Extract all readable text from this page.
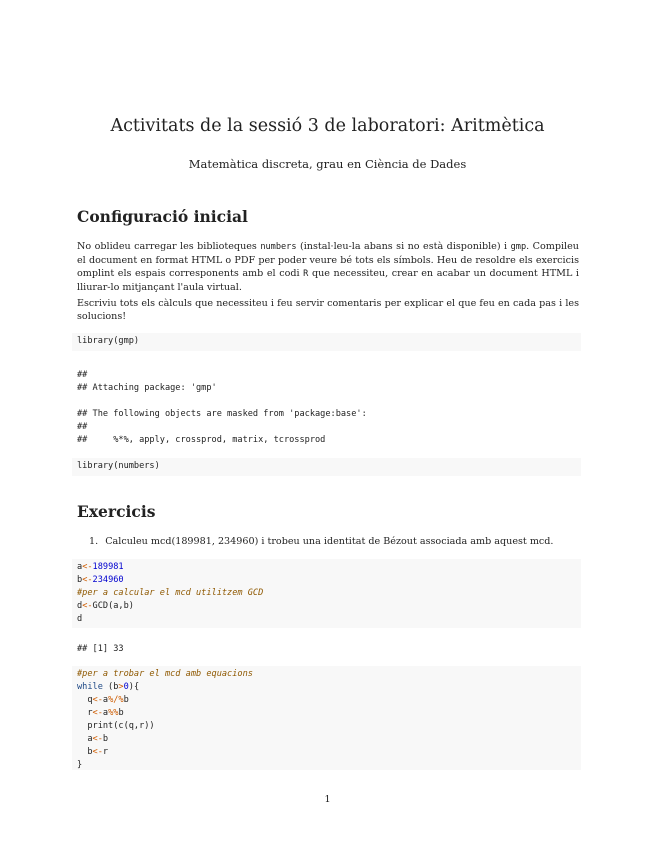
Activitats de la sessió 3 de laboratori: Aritmètica
Matemàtica discreta, grau en Ciència de Dades
Configuració inicial

No oblideu carregar les biblioteques numbers (instal·leu-la abans si no està disponible) i gmp. Compileu el document en format HTML o PDF per poder veure bé tots els símbols. Heu de resoldre els exercicis omplint els espais corresponents amb el codi R que necessiteu, crear en acabar un document HTML i lliurar-lo mitjançant l'aula virtual.

Escriviu tots els càlculs que necessiteu i feu servir comentaris per explicar el que feu en cada pas i les solucions!

library(gmp)
##
## Attaching package: 'gmp'
## The following objects are masked from 'package:base':
##
##     %*%, apply, crossprod, matrix, tcrossprod
library(numbers)
Exercicis
1. Calculeu mcd(189981, 234960) i trobeu una identitat de Bézout associada amb aquest mcd.
a<-189981
b<-234960
#per a calcular el mcd utilitzem GCD
d<-GCD(a,b)
d
## [1] 33
#per a trobar el mcd amb equacions
while (b>0){
q<-a%/%b
r<-a%%b
print(c(q,r))
a<-b
b<-r
}
1
